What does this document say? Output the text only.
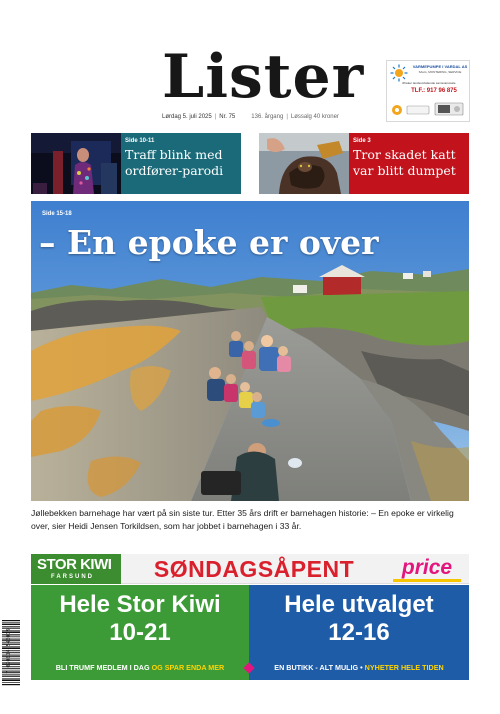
Lister
Lørdag 5. juli 2025 | Nr. 75	136. årgang | Løssalg 40 kroner
VARMEPUMPE I VARDAL AS
SALG, MONTERING, SERVICE
Ønsker landsomfattende samsvarsmøte
TLF.: 917 96 875
Side 10-11
Traff blink med ordfører-parodi
Side 3
Tror skadet katt var blitt dumpet
Side 15-18
– En epoke er over
Jøllebekken barnehage har vært på sin siste tur. Etter 35 års drift er barnehagen historie: – En epoke er virkelig over, sier Heidi Jensen Torkildsen, som har jobbet i barnehagen i 33 år.
STOR KIWI
FARSUND	SØNDAGSÅPENT	price
Hele Stor Kiwi
10-21
BLI TRUMF MEDLEM I DAG OG SPAR ENDA MER
Hele utvalget
12-16
EN BUTIKK - ALT MULIG • NYHETER HELE TIDEN
7 090034 540019
